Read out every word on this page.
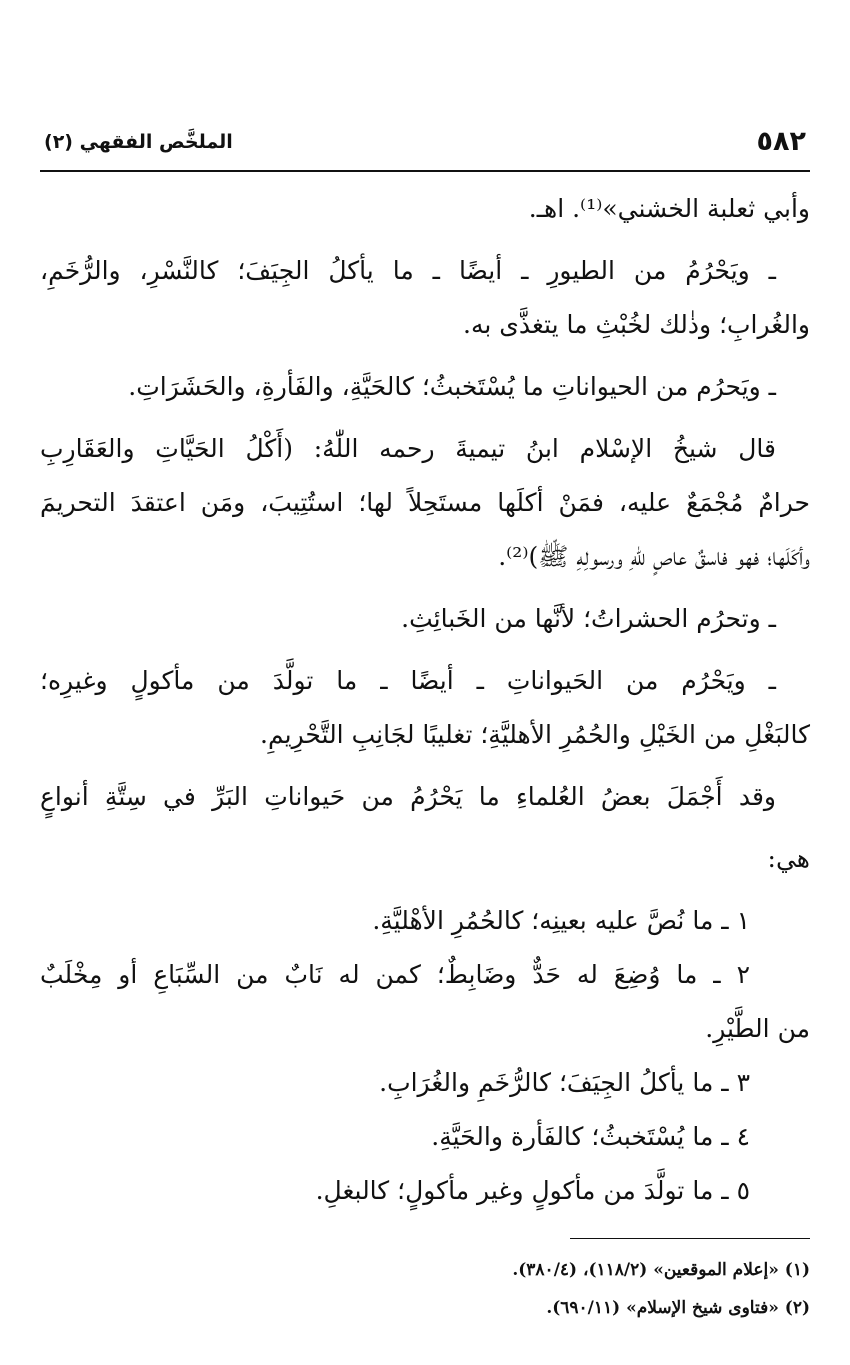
٥٨٢
الملخَّص الفقهي (٢)
وأبي ثعلبة الخشني»⁽¹⁾. اهـ.
ـ ويَحْرُمُ من الطيورِ ـ أيضًا ـ ما يأكلُ الجِيَفَ؛ كالنَّسْرِ، والرُّخَمِ،
والغُرابِ؛ وذٰلك لخُبْثِ ما يتغذَّى به.
ـ ويَحرُم من الحيواناتِ ما يُسْتَخبثُ؛ كالحَيَّةِ، والفَأرةِ، والحَشَرَاتِ.
قال شيخُ الإسْلام ابنُ تيميةَ رحمه اللّٰهُ: (أَكْلُ الحَيَّاتِ والعَقَارِبِ
حرامٌ مُجْمَعٌ عليه، فمَنْ أكلَها مستَحِلاً لها؛ استُتِيبَ، ومَن اعتقدَ التحريمَ
وأكَلَها؛ فهو فاسقٌ عاصٍ للّٰهِ ورسولِهِ ﷺ)⁽²⁾.
ـ وتحرُم الحشراتُ؛ لأنَّها من الخَبائِثِ.
ـ ويَحْرُم من الحَيواناتِ ـ أيضًا ـ ما تولَّدَ من مأكولٍ وغيرِه؛
كالبَغْلِ من الخَيْلِ والحُمُرِ الأهليَّةِ؛ تغليبًا لجَانِبِ التَّحْرِيمِ.
وقد أَجْمَلَ بعضُ العُلماءِ ما يَحْرُمُ من حَيواناتِ البَرِّ في سِتَّةِ أنواعٍ
هي:
١ ـ ما نُصَّ عليه بعينِه؛ كالحُمُرِ الأهْليَّةِ.
٢ ـ ما وُضِعَ له حَدٌّ وضَابِطٌ؛ كمن له نَابٌ من السِّبَاعِ أو مِخْلَبٌ
من الطَّيْرِ.
٣ ـ ما يأكلُ الجِيَفَ؛ كالرُّخَمِ والغُرَابِ.
٤ ـ ما يُسْتَخبثُ؛ كالفَأرة والحَيَّةِ.
٥ ـ ما تولَّدَ من مأكولٍ وغير مأكولٍ؛ كالبغلِ.
(١) «إعلام الموقعين» (١١٨/٢)، (٣٨٠/٤).
(٢) «فتاوى شيخ الإسلام» (٦٩٠/١١).
